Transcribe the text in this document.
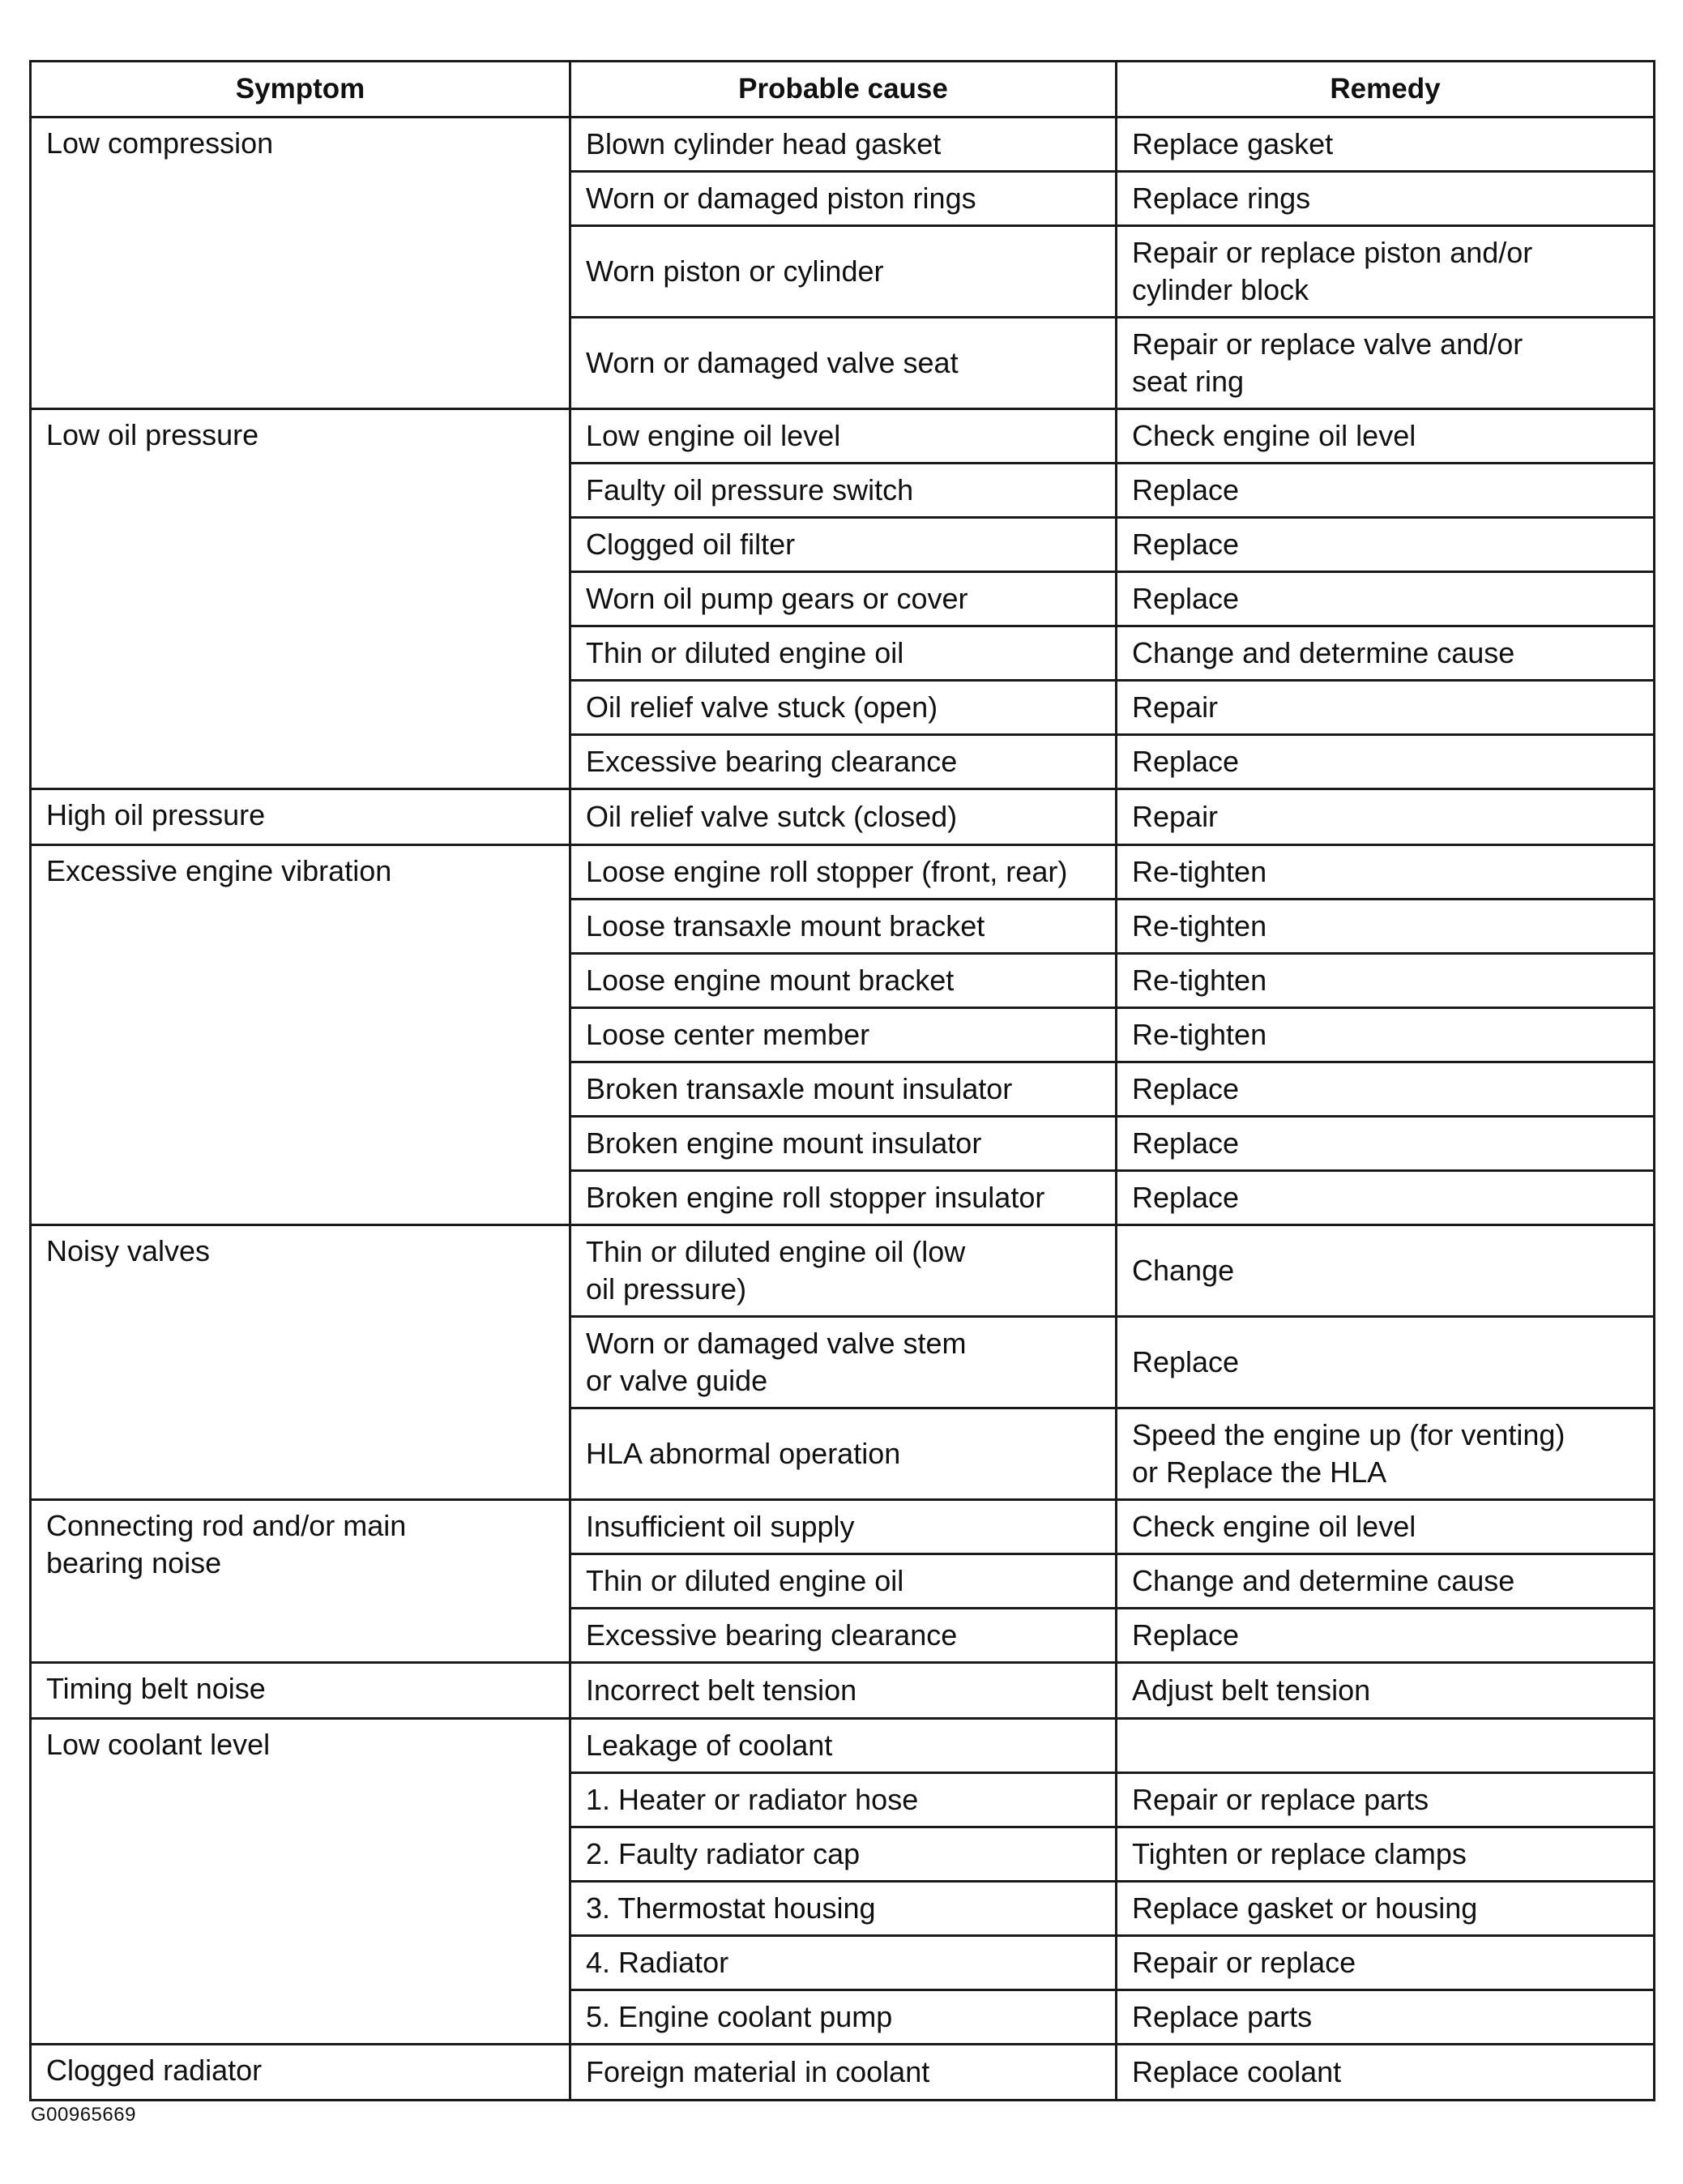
Symptom	Probable cause	Remedy
Low compression	Blown cylinder head gasket	Replace gasket
	Worn or damaged piston rings	Replace rings
	Worn piston or cylinder	Repair or replace piston and/or
cylinder block
	Worn or damaged valve seat	Repair or replace valve and/or
seat ring
Low oil pressure	Low engine oil level	Check engine oil level
	Faulty oil pressure switch	Replace
	Clogged oil filter	Replace
	Worn oil pump gears or cover	Replace
	Thin or diluted engine oil	Change and determine cause
	Oil relief valve stuck (open)	Repair
	Excessive bearing clearance	Replace
High oil pressure	Oil relief valve sutck (closed)	Repair
Excessive engine vibration	Loose engine roll stopper (front, rear)	Re-tighten
	Loose transaxle mount bracket	Re-tighten
	Loose engine mount bracket	Re-tighten
	Loose center member	Re-tighten
	Broken transaxle mount insulator	Replace
	Broken engine mount insulator	Replace
	Broken engine roll stopper insulator	Replace
Noisy valves	Thin or diluted engine oil (low
oil pressure)	Change
	Worn or damaged valve stem
or valve guide	Replace
	HLA abnormal operation	Speed the engine up (for venting)
or Replace the HLA
Connecting rod and/or main
bearing noise	Insufficient oil supply	Check engine oil level
	Thin or diluted engine oil	Change and determine cause
	Excessive bearing clearance	Replace
Timing belt noise	Incorrect belt tension	Adjust belt tension
Low coolant level	Leakage of coolant	
	1. Heater or radiator hose	Repair or replace parts
	2. Faulty radiator cap	Tighten or replace clamps
	3. Thermostat housing	Replace gasket or housing
	4. Radiator	Repair or replace
	5. Engine coolant pump	Replace parts
Clogged radiator	Foreign material in coolant	Replace coolant
G00965669
